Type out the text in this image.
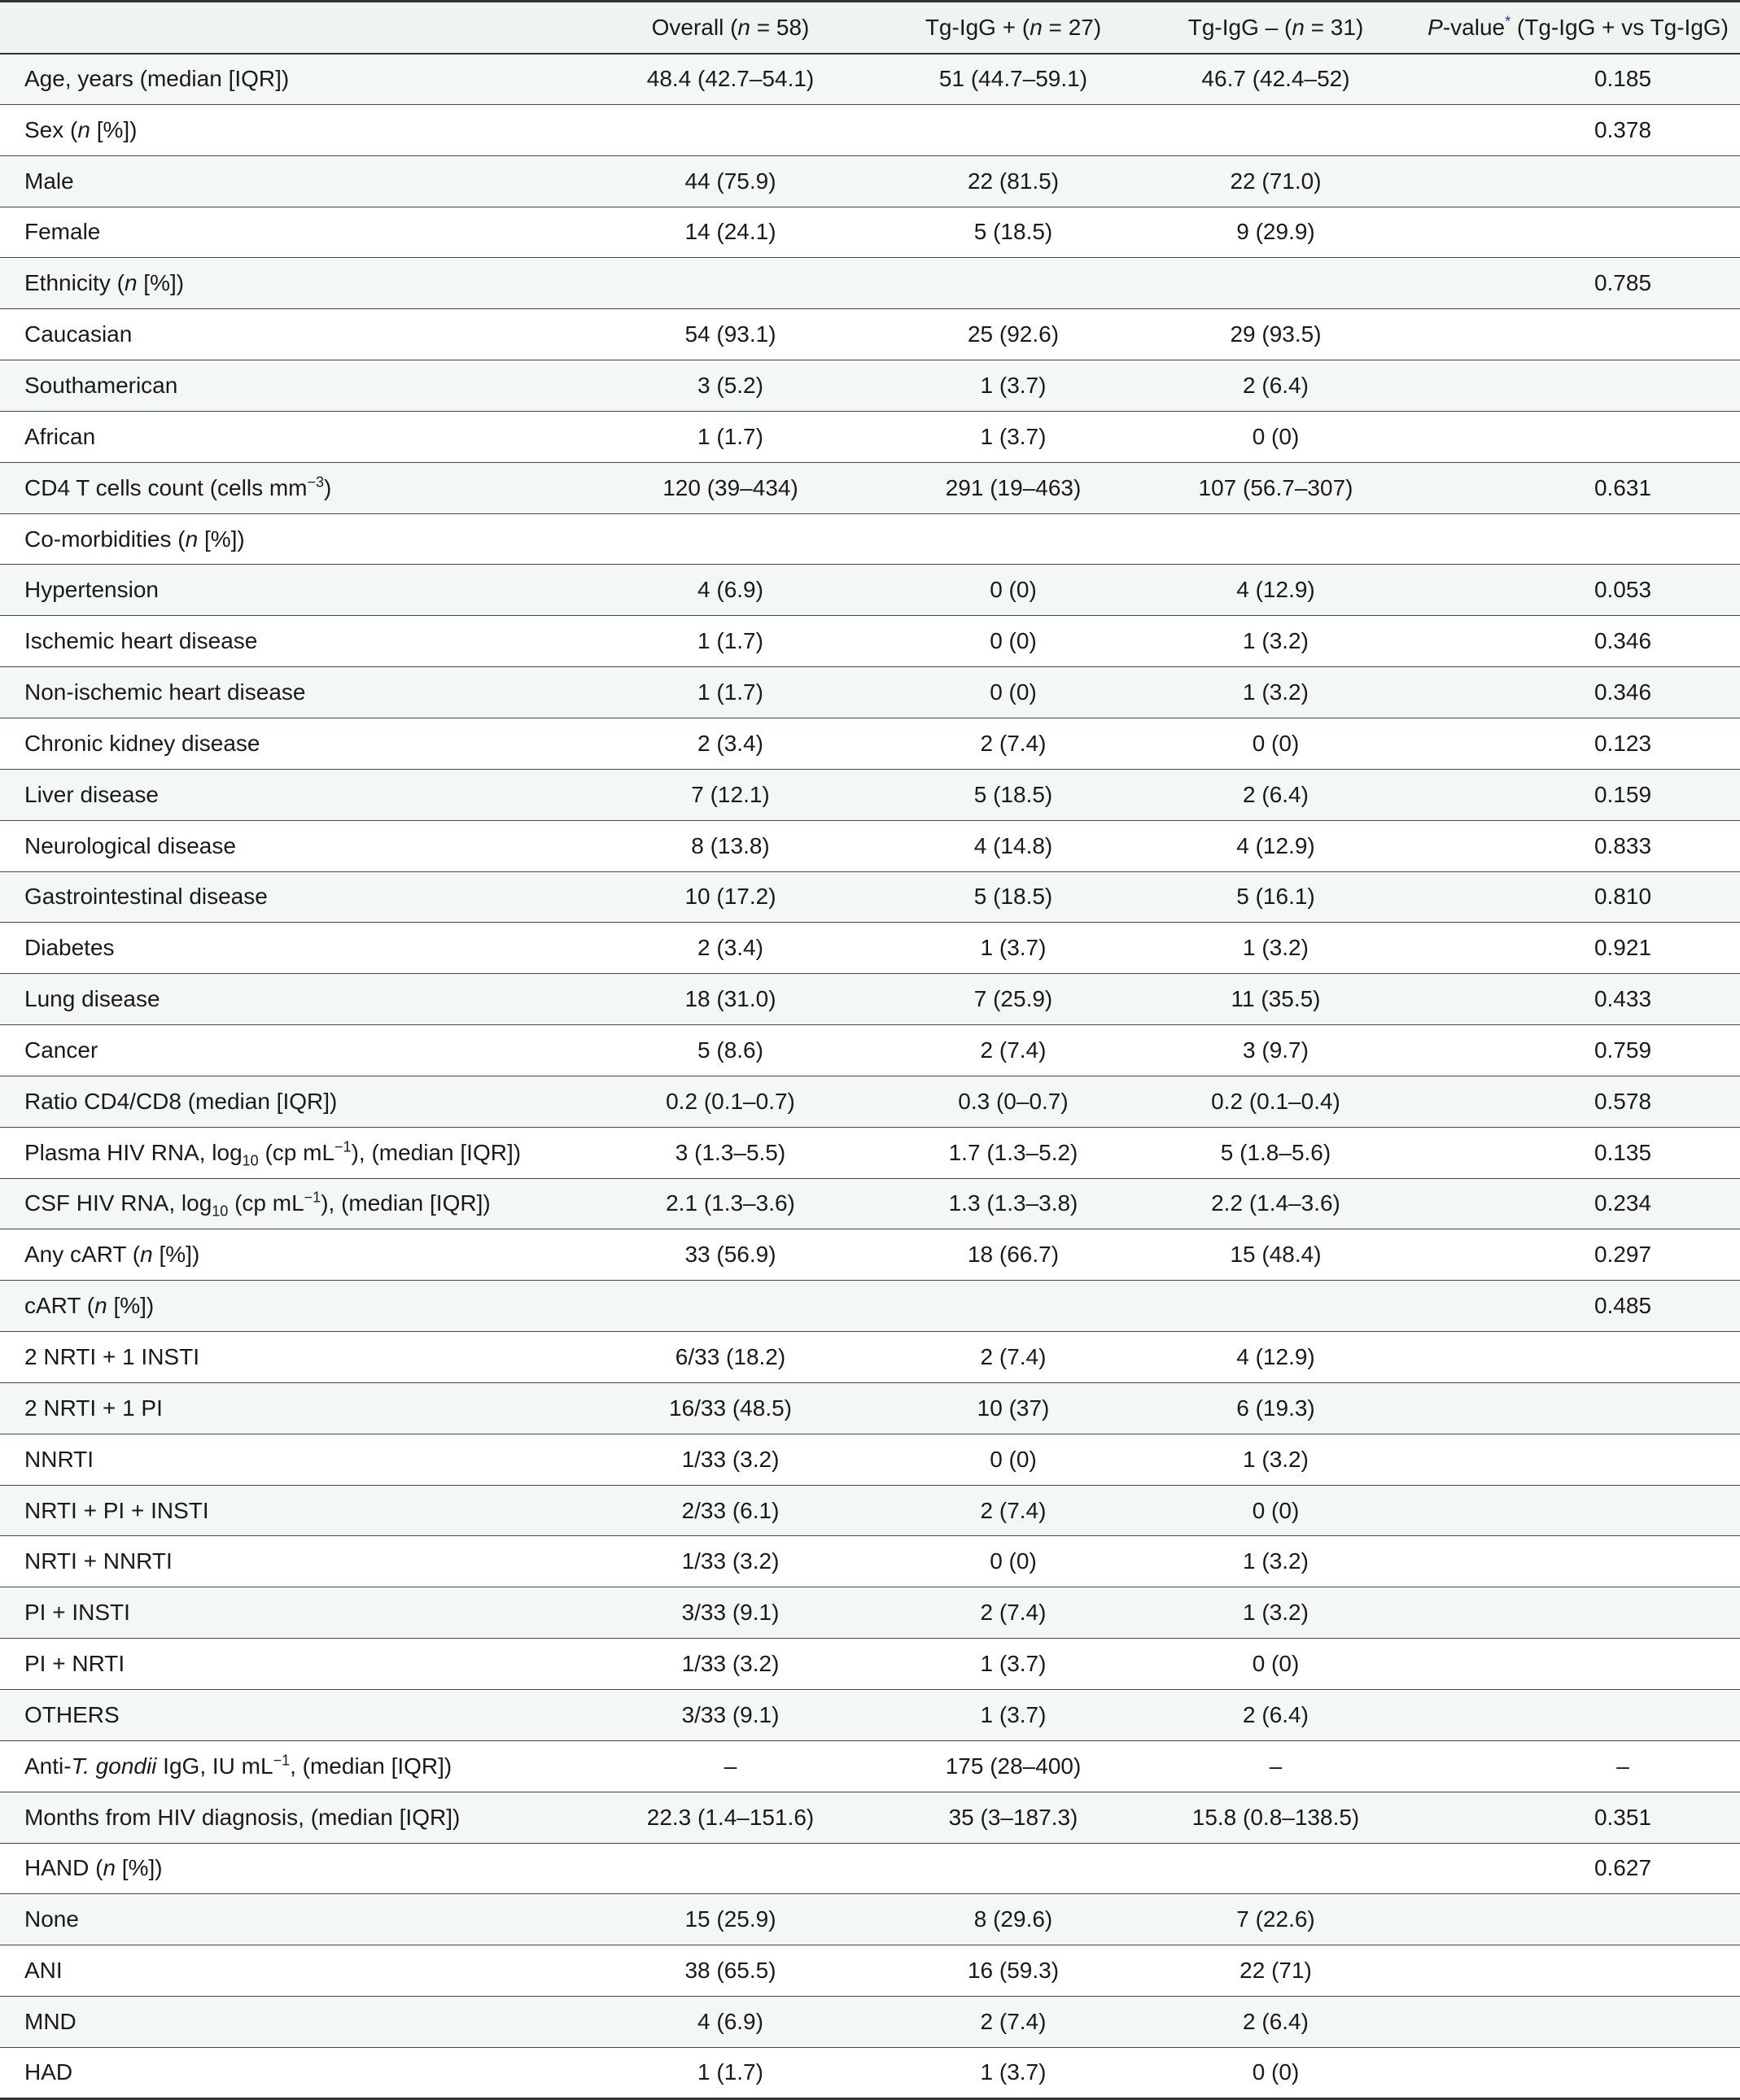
	Overall (n = 58)	Tg-IgG + (n = 27)	Tg-IgG – (n = 31)	P-value* (Tg-IgG + vs Tg-IgG)
Age, years (median [IQR])	48.4 (42.7–54.1)	51 (44.7–59.1)	46.7 (42.4–52)	0.185
Sex (n [%])				0.378
Male	44 (75.9)	22 (81.5)	22 (71.0)	
Female	14 (24.1)	5 (18.5)	9 (29.9)	
Ethnicity (n [%])				0.785
Caucasian	54 (93.1)	25 (92.6)	29 (93.5)	
Southamerican	3 (5.2)	1 (3.7)	2 (6.4)	
African	1 (1.7)	1 (3.7)	0 (0)	
CD4 T cells count (cells $mm^{-3}$)	120 (39–434)	291 (19–463)	107 (56.7–307)	0.631
Co-morbidities (n [%])				
Hypertension	4 (6.9)	0 (0)	4 (12.9)	0.053
Ischemic heart disease	1 (1.7)	0 (0)	1 (3.2)	0.346
Non-ischemic heart disease	1 (1.7)	0 (0)	1 (3.2)	0.346
Chronic kidney disease	2 (3.4)	2 (7.4)	0 (0)	0.123
Liver disease	7 (12.1)	5 (18.5)	2 (6.4)	0.159
Neurological disease	8 (13.8)	4 (14.8)	4 (12.9)	0.833
Gastrointestinal disease	10 (17.2)	5 (18.5)	5 (16.1)	0.810
Diabetes	2 (3.4)	1 (3.7)	1 (3.2)	0.921
Lung disease	18 (31.0)	7 (25.9)	11 (35.5)	0.433
Cancer	5 (8.6)	2 (7.4)	3 (9.7)	0.759
Ratio CD4/CD8 (median [IQR])	0.2 (0.1–0.7)	0.3 (0–0.7)	0.2 (0.1–0.4)	0.578
Plasma HIV RNA, $\log_{10} (cp$ $mL^{-1}$), (median [IQR])	3 (1.3–5.5)	1.7 (1.3–5.2)	5 (1.8–5.6)	0.135
CSF HIV RNA, $\log_{10} (cp$ $mL^{-1}$), (median [IQR])	2.1 (1.3–3.6)	1.3 (1.3–3.8)	2.2 (1.4–3.6)	0.234
Any cART (n [%])	33 (56.9)	18 (66.7)	15 (48.4)	0.297
cART (n [%])				0.485
2 NRTI + 1 INSTI	6/33 (18.2)	2 (7.4)	4 (12.9)	
2 NRTI + 1 PI	16/33 (48.5)	10 (37)	6 (19.3)	
NNRTI	1/33 (3.2)	0 (0)	1 (3.2)	
NRTI + PI + INSTI	2/33 (6.1)	2 (7.4)	0 (0)	
NRTI + NNRTI	1/33 (3.2)	0 (0)	1 (3.2)	
PI + INSTI	3/33 (9.1)	2 (7.4)	1 (3.2)	
PI + NRTI	1/33 (3.2)	1 (3.7)	0 (0)	
OTHERS	3/33 (9.1)	1 (3.7)	2 (6.4)	
Anti-T. gondii IgG, IU $mL^{-1}$, (median [IQR])	–	175 (28–400)	–	–
Months from HIV diagnosis, (median [IQR])	22.3 (1.4–151.6)	35 (3–187.3)	15.8 (0.8–138.5)	0.351
HAND (n [%])				0.627
None	15 (25.9)	8 (29.6)	7 (22.6)	
ANI	38 (65.5)	16 (59.3)	22 (71)	
MND	4 (6.9)	2 (7.4)	2 (6.4)	
HAD	1 (1.7)	1 (3.7)	0 (0)	
